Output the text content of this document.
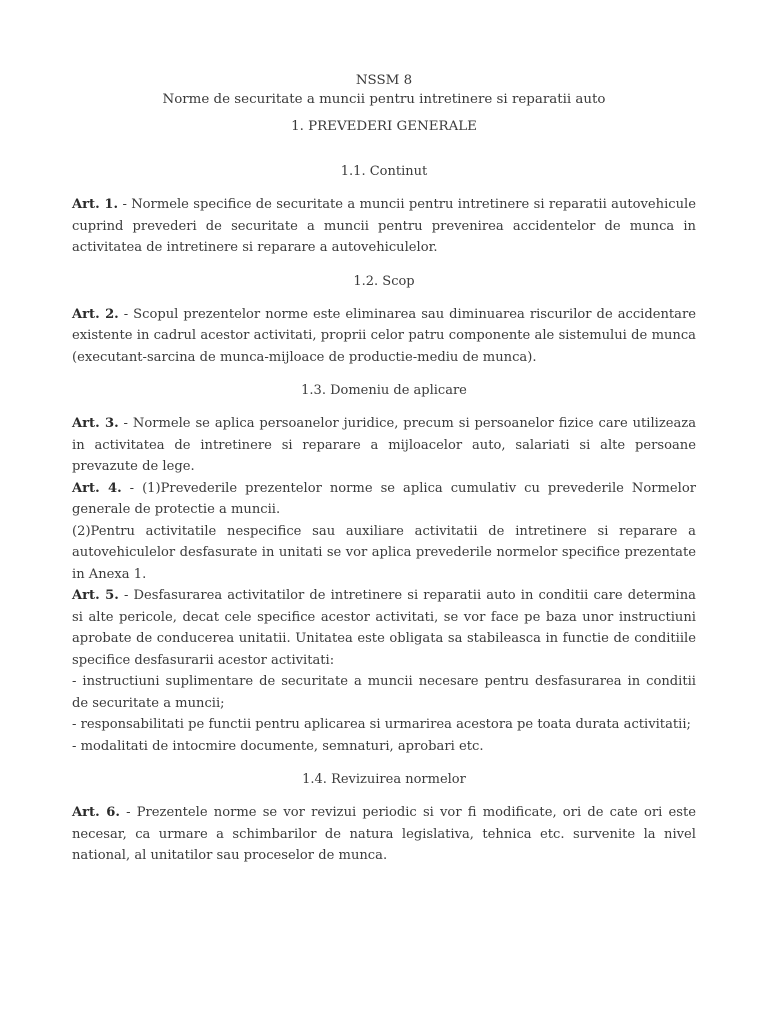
NSSM 8

Norme de securitate a muncii pentru intretinere si reparatii auto

1. PREVEDERI GENERALE

1.1. Continut

Art. 1. - Normele specifice de securitate a muncii pentru intretinere si reparatii autovehicule cuprind prevederi de securitate a muncii pentru prevenirea accidentelor de munca in activitatea de intretinere si reparare a autovehiculelor.

1.2. Scop

Art. 2. - Scopul prezentelor norme este eliminarea sau diminuarea riscurilor de accidentare existente in cadrul acestor activitati, proprii celor patru componente ale sistemului de munca (executant-sarcina de munca-mijloace de productie-mediu de munca).

1.3. Domeniu de aplicare

Art. 3. - Normele se aplica persoanelor juridice, precum si persoanelor fizice care utilizeaza in activitatea de intretinere si reparare a mijloacelor auto, salariati si alte persoane prevazute de lege.

Art. 4. - (1)Prevederile prezentelor norme se aplica cumulativ cu prevederile Normelor generale de protectie a muncii.

(2)Pentru activitatile nespecifice sau auxiliare activitatii de intretinere si reparare a autovehiculelor desfasurate in unitati se vor aplica prevederile normelor specifice prezentate in Anexa 1.

Art. 5. - Desfasurarea activitatilor de intretinere si reparatii auto in conditii care determina si alte pericole, decat cele specifice acestor activitati, se vor face pe baza unor instructiuni aprobate de conducerea unitatii. Unitatea este obligata sa stabileasca in functie de conditiile specifice desfasurarii acestor activitati:

- instructiuni suplimentare de securitate a muncii necesare pentru desfasurarea in conditii de securitate a muncii;

- responsabilitati pe functii pentru aplicarea si urmarirea acestora pe toata durata activitatii;

- modalitati de intocmire documente, semnaturi, aprobari etc.

1.4. Revizuirea normelor

Art. 6. - Prezentele norme se vor revizui periodic si vor fi modificate, ori de cate ori este necesar, ca urmare a schimbarilor de natura legislativa, tehnica etc. survenite la nivel national, al unitatilor sau proceselor de munca.
